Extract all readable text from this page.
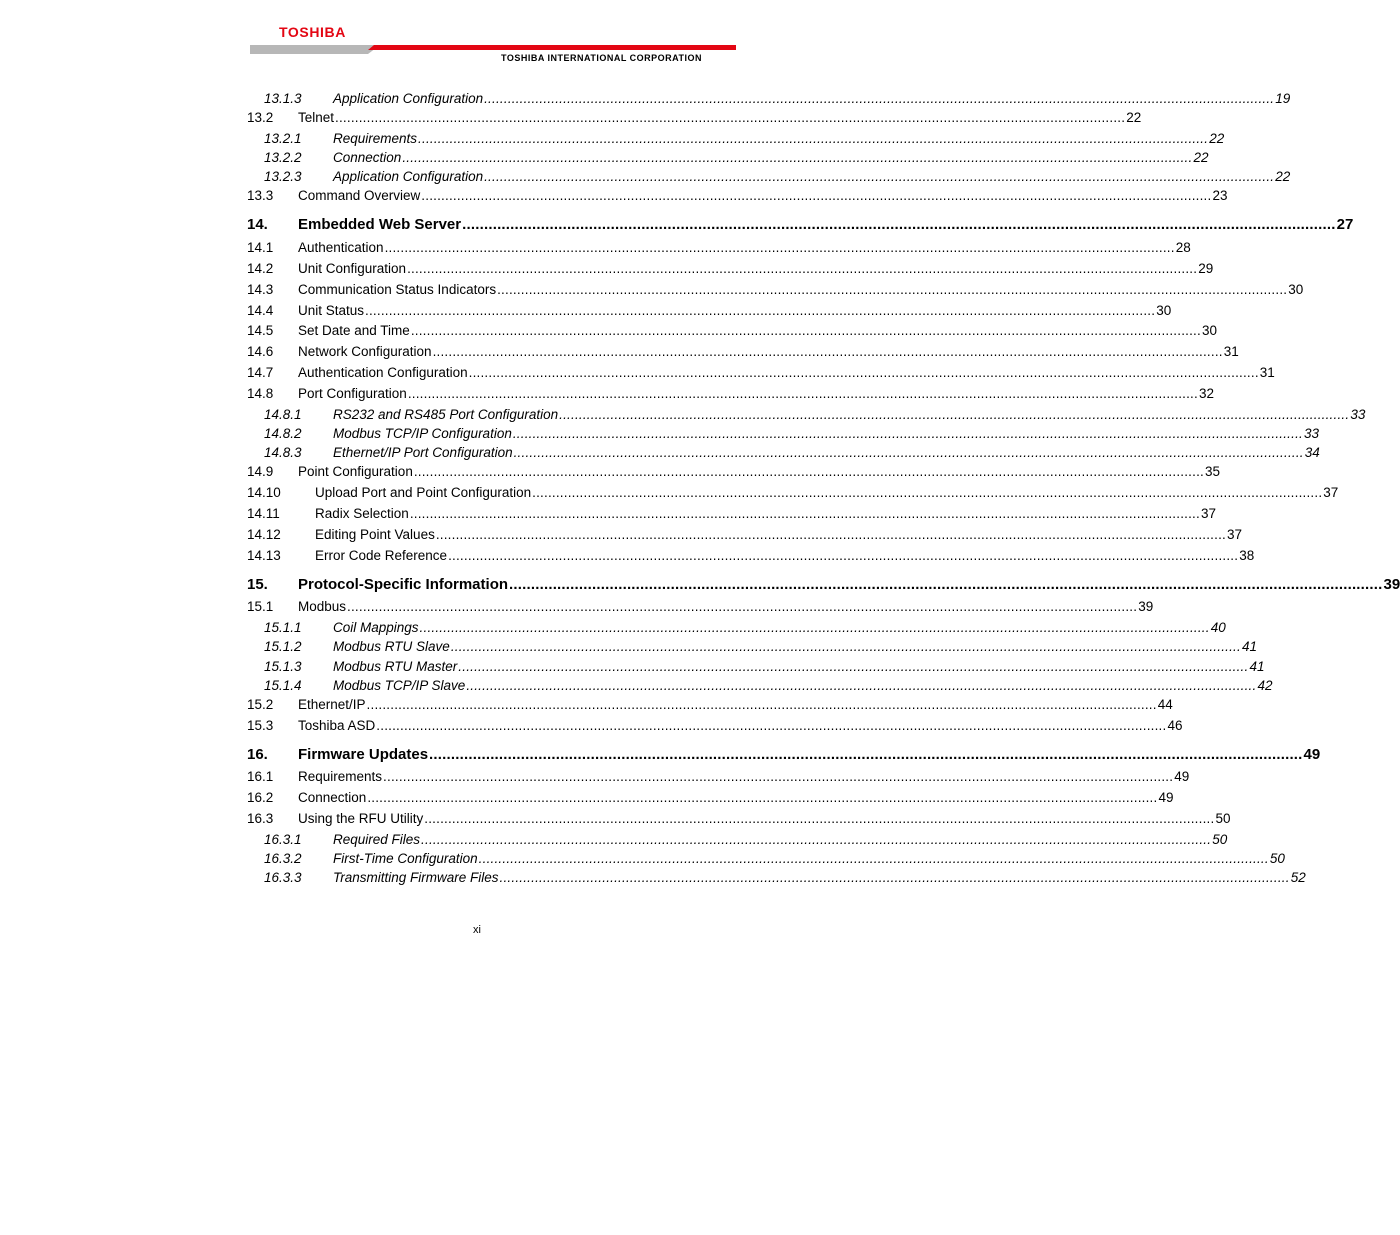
TOSHIBA
TOSHIBA INTERNATIONAL CORPORATION
13.1.3	Application Configuration ........................................................................................................................................................................................................ 19
13.2	Telnet ........................................................................................................................................................................................................ 22
13.2.1	Requirements ........................................................................................................................................................................................................ 22
13.2.2	Connection ........................................................................................................................................................................................................ 22
13.2.3	Application Configuration ........................................................................................................................................................................................................ 22
13.3	Command Overview ........................................................................................................................................................................................................ 23
14.	Embedded Web Server ........................................................................................................................................................................................................ 27
14.1	Authentication ........................................................................................................................................................................................................ 28
14.2	Unit Configuration ........................................................................................................................................................................................................ 29
14.3	Communication Status Indicators ........................................................................................................................................................................................................ 30
14.4	Unit Status ........................................................................................................................................................................................................ 30
14.5	Set Date and Time ........................................................................................................................................................................................................ 30
14.6	Network Configuration ........................................................................................................................................................................................................ 31
14.7	Authentication Configuration ........................................................................................................................................................................................................ 31
14.8	Port Configuration ........................................................................................................................................................................................................ 32
14.8.1	RS232 and RS485 Port Configuration ........................................................................................................................................................................................................ 33
14.8.2	Modbus TCP/IP Configuration ........................................................................................................................................................................................................ 33
14.8.3	Ethernet/IP Port Configuration ........................................................................................................................................................................................................ 34
14.9	Point Configuration ........................................................................................................................................................................................................ 35
14.10	Upload Port and Point Configuration ........................................................................................................................................................................................................ 37
14.11	Radix Selection ........................................................................................................................................................................................................ 37
14.12	Editing Point Values ........................................................................................................................................................................................................ 37
14.13	Error Code Reference ........................................................................................................................................................................................................ 38
15.	Protocol-Specific Information ........................................................................................................................................................................................................ 39
15.1	Modbus ........................................................................................................................................................................................................ 39
15.1.1	Coil Mappings ........................................................................................................................................................................................................ 40
15.1.2	Modbus RTU Slave ........................................................................................................................................................................................................ 41
15.1.3	Modbus RTU Master ........................................................................................................................................................................................................ 41
15.1.4	Modbus TCP/IP Slave ........................................................................................................................................................................................................ 42
15.2	Ethernet/IP ........................................................................................................................................................................................................ 44
15.3	Toshiba ASD ........................................................................................................................................................................................................ 46
16.	Firmware Updates ........................................................................................................................................................................................................ 49
16.1	Requirements ........................................................................................................................................................................................................ 49
16.2	Connection ........................................................................................................................................................................................................ 49
16.3	Using the RFU Utility ........................................................................................................................................................................................................ 50
16.3.1	Required Files ........................................................................................................................................................................................................ 50
16.3.2	First-Time Configuration ........................................................................................................................................................................................................ 50
16.3.3	Transmitting Firmware Files ........................................................................................................................................................................................................ 52
xi
